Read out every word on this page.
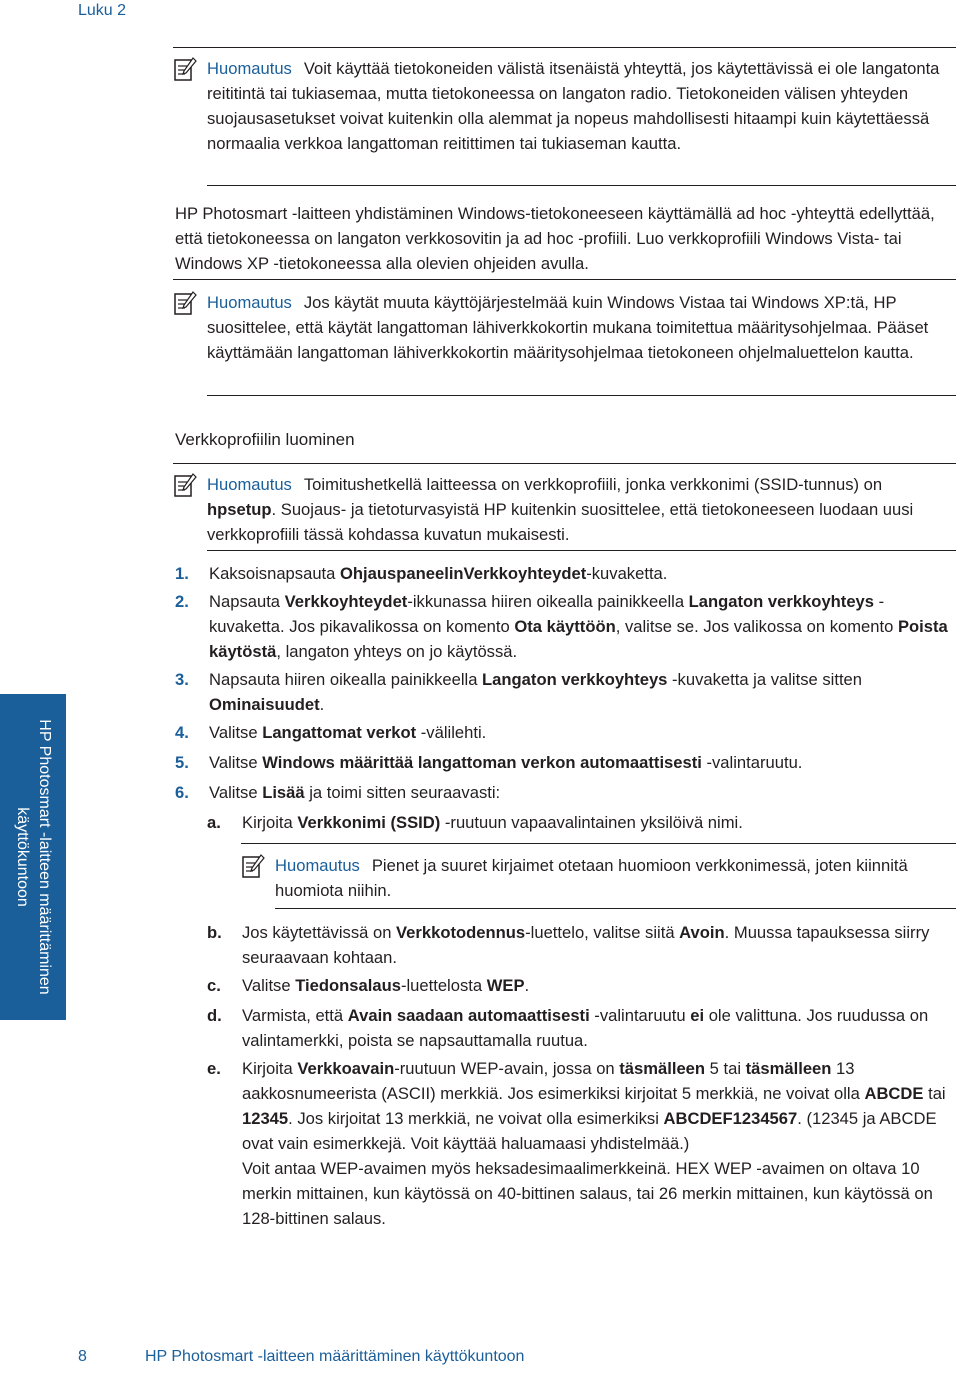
Luku 2
Huomautus Voit käyttää tietokoneiden välistä itsenäistä yhteyttä, jos käytettävissä ei ole langatonta reititintä tai tukiasemaa, mutta tietokoneessa on langaton radio. Tietokoneiden välisen yhteyden suojausasetukset voivat kuitenkin olla alemmat ja nopeus mahdollisesti hitaampi kuin käytettäessä normaalia verkkoa langattoman reitittimen tai tukiaseman kautta.
HP Photosmart -laitteen yhdistäminen Windows-tietokoneeseen käyttämällä ad hoc -yhteyttä edellyttää, että tietokoneessa on langaton verkkosovitin ja ad hoc -profiili. Luo verkkoprofiili Windows Vista- tai Windows XP -tietokoneessa alla olevien ohjeiden avulla.
Huomautus Jos käytät muuta käyttöjärjestelmää kuin Windows Vistaa tai Windows XP:tä, HP suosittelee, että käytät langattoman lähiverkkokortin mukana toimitettua määritysohjelmaa. Pääset käyttämään langattoman lähiverkkokortin määritysohjelmaa tietokoneen ohjelmaluettelon kautta.
Verkkoprofiilin luominen
Huomautus Toimitushetkellä laitteessa on verkkoprofiili, jonka verkkonimi (SSID-tunnus) on hpsetup. Suojaus- ja tietoturvasyistä HP kuitenkin suosittelee, että tietokoneeseen luodaan uusi verkkoprofiili tässä kohdassa kuvatun mukaisesti.
1. Kaksoisnapsauta OhjauspaneelinVerkkoyhteydet-kuvaketta.
2. Napsauta Verkkoyhteydet-ikkunassa hiiren oikealla painikkeella Langaton verkkoyhteys -kuvaketta. Jos pikavalikossa on komento Ota käyttöön, valitse se. Jos valikossa on komento Poista käytöstä, langaton yhteys on jo käytössä.
3. Napsauta hiiren oikealla painikkeella Langaton verkkoyhteys -kuvaketta ja valitse sitten Ominaisuudet.
4. Valitse Langattomat verkot -välilehti.
5. Valitse Windows määrittää langattoman verkon automaattisesti -valintaruutu.
6. Valitse Lisää ja toimi sitten seuraavasti:
a. Kirjoita Verkkonimi (SSID) -ruutuun vapaavalintainen yksilöivä nimi.
Huomautus Pienet ja suuret kirjaimet otetaan huomioon verkkonimessä, joten kiinnitä huomiota niihin.
b. Jos käytettävissä on Verkkotodennus-luettelo, valitse siitä Avoin. Muussa tapauksessa siirry seuraavaan kohtaan.
c. Valitse Tiedonsalaus-luettelosta WEP.
d. Varmista, että Avain saadaan automaattisesti -valintaruutu ei ole valittuna. Jos ruudussa on valintamerkki, poista se napsauttamalla ruutua.
e. Kirjoita Verkkoavain-ruutuun WEP-avain, jossa on täsmälleen 5 tai täsmälleen 13 aakkosnumeerista (ASCII) merkkiä. Jos esimerkiksi kirjoitat 5 merkkiä, ne voivat olla ABCDE tai 12345. Jos kirjoitat 13 merkkiä, ne voivat olla esimerkiksi ABCDEF1234567. (12345 ja ABCDE ovat vain esimerkkejä. Voit käyttää haluamaasi yhdistelmää.)
Voit antaa WEP-avaimen myös heksadesimaalimerkkeinä. HEX WEP -avaimen on oltava 10 merkin mittainen, kun käytössä on 40-bittinen salaus, tai 26 merkin mittainen, kun käytössä on 128-bittinen salaus.
HP Photosmart -laitteen määrittäminen käyttökuntoon
8	HP Photosmart -laitteen määrittäminen käyttökuntoon
